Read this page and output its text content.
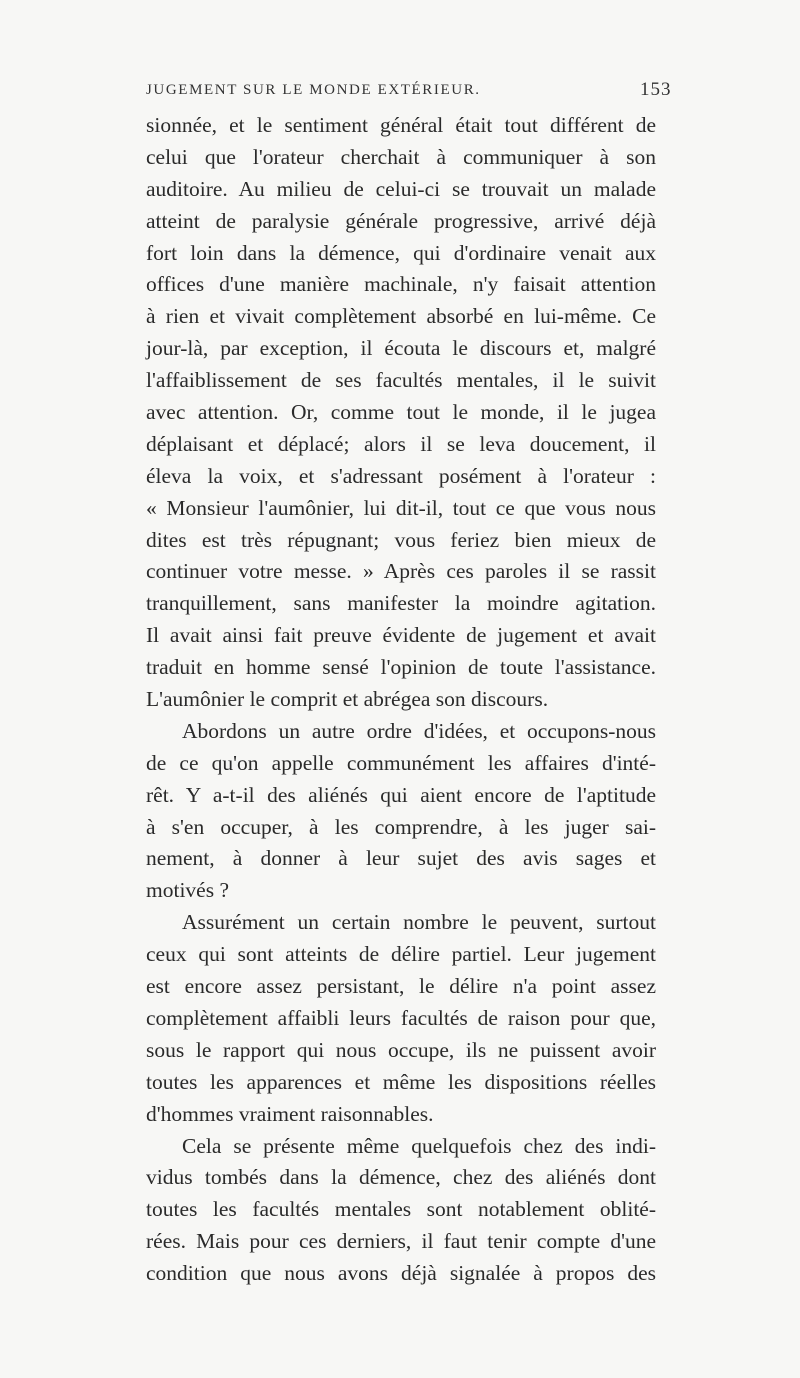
JUGEMENT SUR LE MONDE EXTÉRIEUR.	153
sionnée, et le sentiment général était tout différent de
celui que l'orateur cherchait à communiquer à son
auditoire. Au milieu de celui-ci se trouvait un malade
atteint de paralysie générale progressive, arrivé déjà
fort loin dans la démence, qui d'ordinaire venait aux
offices d'une manière machinale, n'y faisait attention
à rien et vivait complètement absorbé en lui-même. Ce
jour-là, par exception, il écouta le discours et, malgré
l'affaiblissement de ses facultés mentales, il le suivit
avec attention. Or, comme tout le monde, il le jugea
déplaisant et déplacé; alors il se leva doucement, il
éleva la voix, et s'adressant posément à l'orateur :
« Monsieur l'aumônier, lui dit-il, tout ce que vous nous
dites est très répugnant; vous feriez bien mieux de
continuer votre messe. » Après ces paroles il se rassit
tranquillement, sans manifester la moindre agitation.
Il avait ainsi fait preuve évidente de jugement et avait
traduit en homme sensé l'opinion de toute l'assistance.
L'aumônier le comprit et abrégea son discours.
Abordons un autre ordre d'idées, et occupons-nous
de ce qu'on appelle communément les affaires d'inté-
rêt. Y a-t-il des aliénés qui aient encore de l'aptitude
à s'en occuper, à les comprendre, à les juger sai-
nement, à donner à leur sujet des avis sages et
motivés ?
Assurément un certain nombre le peuvent, surtout
ceux qui sont atteints de délire partiel. Leur jugement
est encore assez persistant, le délire n'a point assez
complètement affaibli leurs facultés de raison pour que,
sous le rapport qui nous occupe, ils ne puissent avoir
toutes les apparences et même les dispositions réelles
d'hommes vraiment raisonnables.
Cela se présente même quelquefois chez des indi-
vidus tombés dans la démence, chez des aliénés dont
toutes les facultés mentales sont notablement oblité-
rées. Mais pour ces derniers, il faut tenir compte d'une
condition que nous avons déjà signalée à propos des
